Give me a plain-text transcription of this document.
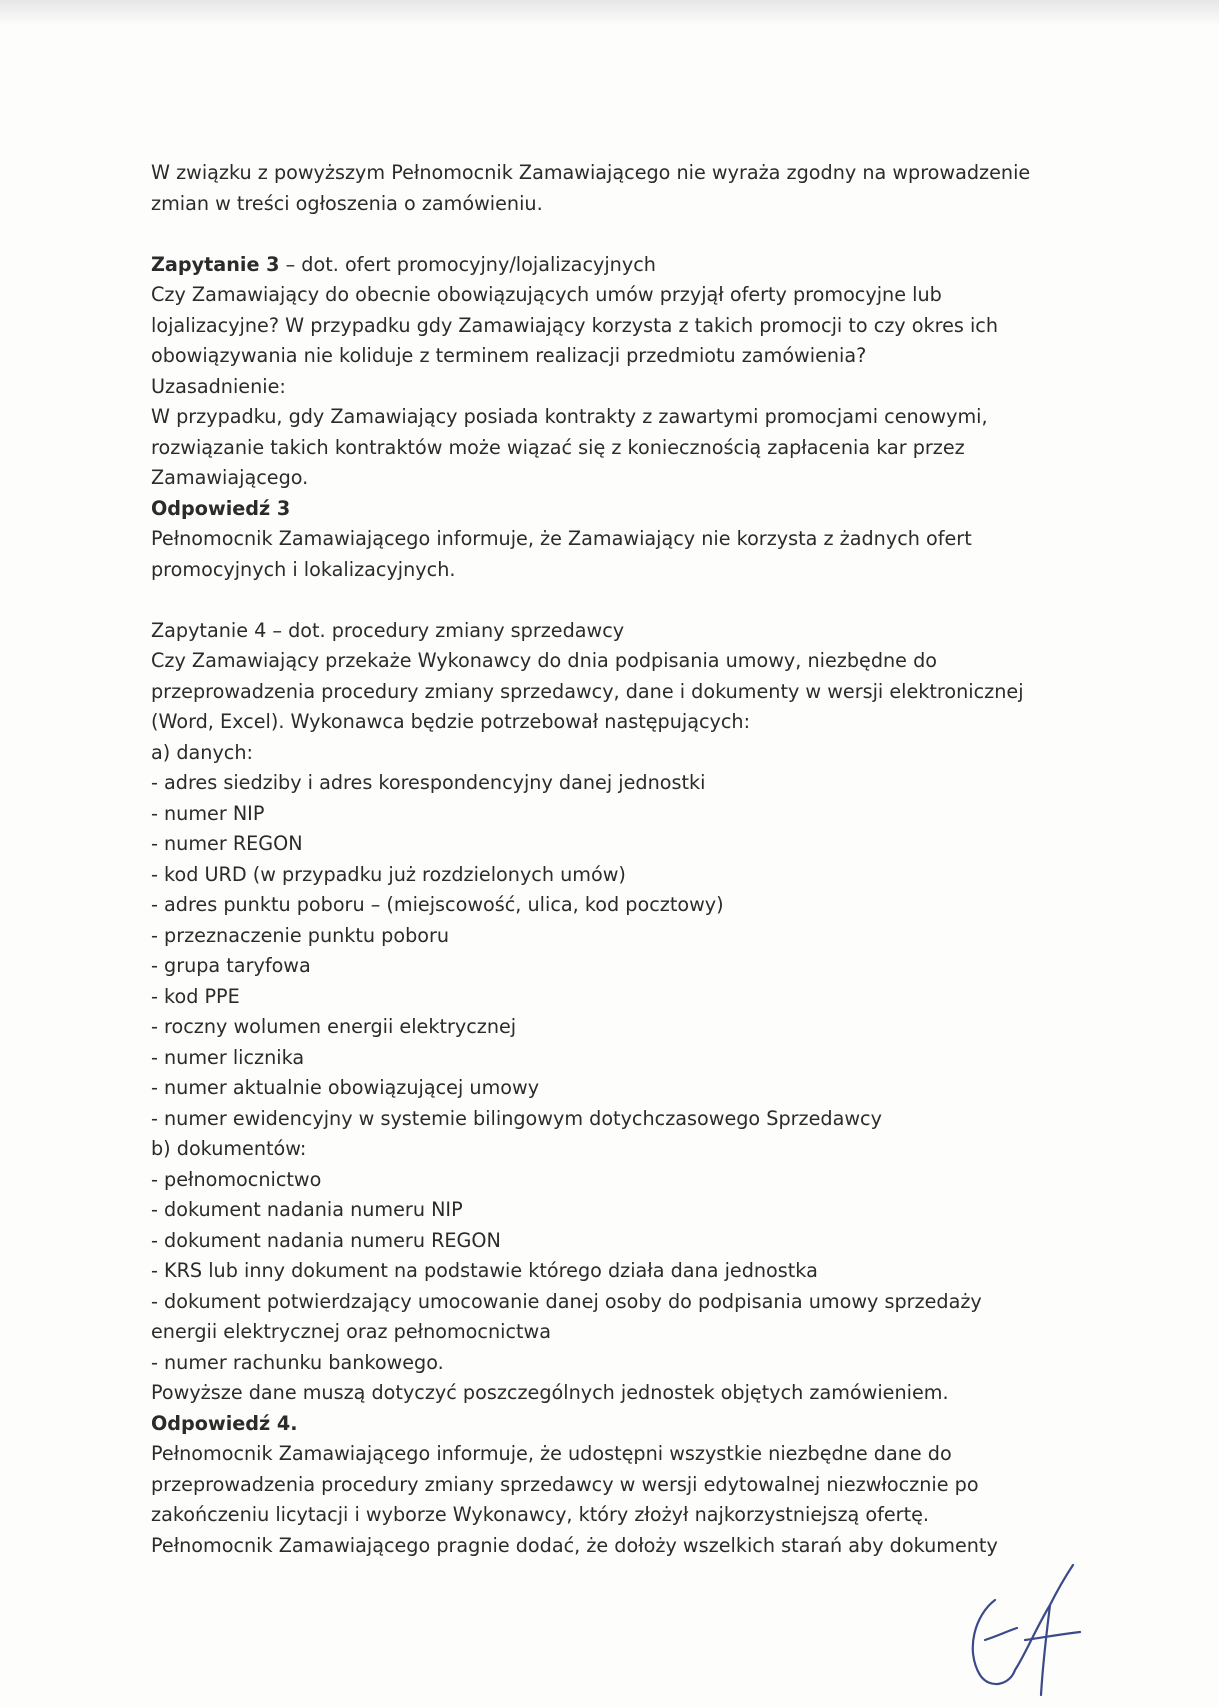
W związku z powyższym Pełnomocnik Zamawiającego nie wyraża zgodny na wprowadzenie
zmian w treści ogłoszenia o zamówieniu.
Zapytanie 3 – dot. ofert promocyjny/lojalizacyjnych
Czy Zamawiający do obecnie obowiązujących umów przyjął oferty promocyjne lub
lojalizacyjne? W przypadku gdy Zamawiający korzysta z takich promocji to czy okres ich
obowiązywania nie koliduje z terminem realizacji przedmiotu zamówienia?
Uzasadnienie:
W przypadku, gdy Zamawiający posiada kontrakty z zawartymi promocjami cenowymi,
rozwiązanie takich kontraktów może wiązać się z koniecznością zapłacenia kar przez
Zamawiającego.
Odpowiedź 3
Pełnomocnik Zamawiającego informuje, że Zamawiający nie korzysta z żadnych ofert
promocyjnych i lokalizacyjnych.
Zapytanie 4 – dot. procedury zmiany sprzedawcy
Czy Zamawiający przekaże Wykonawcy do dnia podpisania umowy, niezbędne do
przeprowadzenia procedury zmiany sprzedawcy, dane i dokumenty w wersji elektronicznej
(Word, Excel). Wykonawca będzie potrzebował następujących:
a) danych:
- adres siedziby i adres korespondencyjny danej jednostki
- numer NIP
- numer REGON
- kod URD (w przypadku już rozdzielonych umów)
- adres punktu poboru – (miejscowość, ulica, kod pocztowy)
- przeznaczenie punktu poboru
- grupa taryfowa
- kod PPE
- roczny wolumen energii elektrycznej
- numer licznika
- numer aktualnie obowiązującej umowy
- numer ewidencyjny w systemie bilingowym dotychczasowego Sprzedawcy
b) dokumentów:
- pełnomocnictwo
- dokument nadania numeru NIP
- dokument nadania numeru REGON
- KRS lub inny dokument na podstawie którego działa dana jednostka
- dokument potwierdzający umocowanie danej osoby do podpisania umowy sprzedaży
energii elektrycznej oraz pełnomocnictwa
- numer rachunku bankowego.
Powyższe dane muszą dotyczyć poszczególnych jednostek objętych zamówieniem.
Odpowiedź 4.
Pełnomocnik Zamawiającego informuje, że udostępni wszystkie niezbędne dane do
przeprowadzenia procedury zmiany sprzedawcy w wersji edytowalnej niezwłocznie po
zakończeniu licytacji i wyborze Wykonawcy, który złożył najkorzystniejszą ofertę.
Pełnomocnik Zamawiającego pragnie dodać, że dołoży wszelkich starań aby dokumenty
